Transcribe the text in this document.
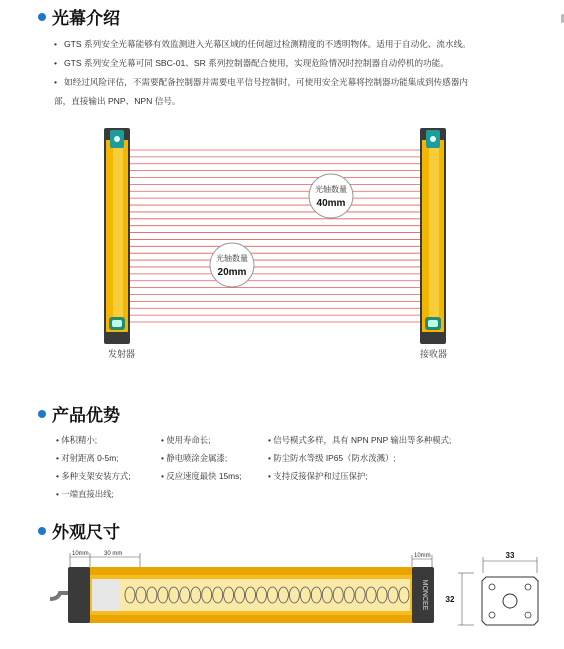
光幕介绍
• GTS 系列安全光幕能够有效监测进入光幕区域的任何超过检测精度的不透明物体。适用于自动化、流水线。
• GTS 系列安全光幕可同 SBC-01、SR 系列控制器配合使用，实现危险情况时控制器自动停机的功能。
• 如经过风险评估，不需要配备控制器并需要电平信号控制时，可使用安全光幕将控制器功能集成到传感器内
部，直接输出 PNP、NPN 信号。
光轴数量
40mm
光轴数量
20mm
发射器	接收器
产品优势
• 体积精小;
• 对射距离 0-5m;
• 多种支架安装方式;
• 一端直接出线;
• 使用寿命长;
• 静电喷涂金属漆;
• 反应速度最快 15ms;
• 信号模式多样，具有 NPN PNP 输出等多种模式;
• 防尘防水等级 IP65（防水泼溅）;
• 支持反接保护和过压保护;
外观尺寸
10mm	30 mm	10mm
MONCEE
33
32
